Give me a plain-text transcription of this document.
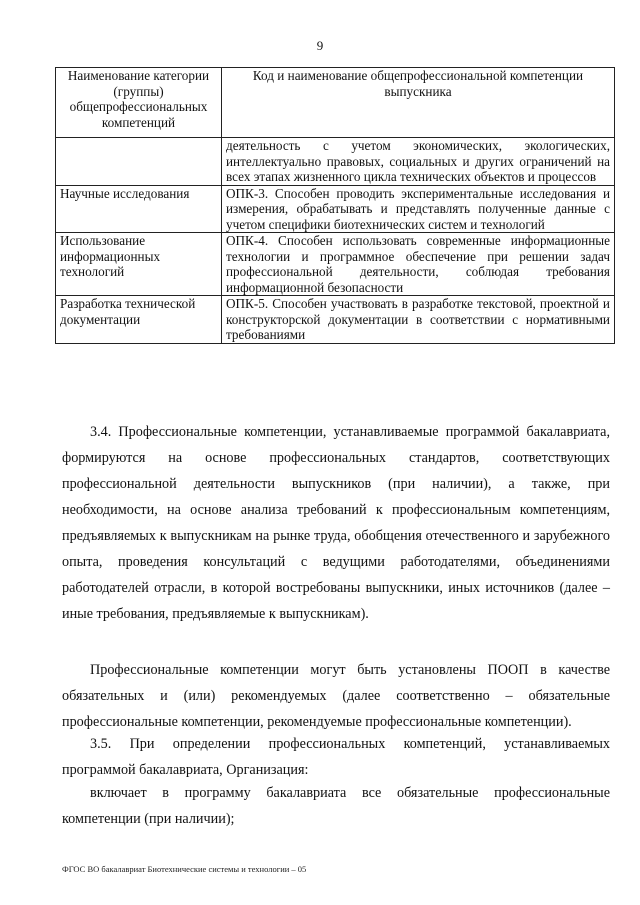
9
Наименование категории (группы) общепрофессиональных компетенций	Код и наименование общепрофессиональной компетенции выпускника
	деятельность с учетом экономических, экологических, интеллектуально правовых, социальных и других ограничений на всех этапах жизненного цикла технических объектов и процессов
Научные исследования	ОПК-3. Способен проводить экспериментальные исследования и измерения, обрабатывать и представлять полученные данные с учетом специфики биотехнических систем и технологий
Использование информационных технологий	ОПК-4. Способен использовать современные информационные технологии и программное обеспечение при решении задач профессиональной деятельности, соблюдая требования информационной безопасности
Разработка технической документации	ОПК-5. Способен участвовать в разработке текстовой, проектной и конструкторской документации в соответствии с нормативными требованиями
3.4. Профессиональные компетенции, устанавливаемые программой бакалавриата, формируются на основе профессиональных стандартов, соответствующих профессиональной деятельности выпускников (при наличии), а также, при необходимости, на основе анализа требований к профессиональным компетенциям, предъявляемых к выпускникам на рынке труда, обобщения отечественного и зарубежного опыта, проведения консультаций с ведущими работодателями, объединениями работодателей отрасли, в которой востребованы выпускники, иных источников (далее – иные требования, предъявляемые к выпускникам).
Профессиональные компетенции могут быть установлены ПООП в качестве обязательных и (или) рекомендуемых (далее соответственно – обязательные профессиональные компетенции, рекомендуемые профессиональные компетенции).
3.5. При определении профессиональных компетенций, устанавливаемых программой бакалавриата, Организация:
включает в программу бакалавриата все обязательные профессиональные компетенции (при наличии);
ФГОС ВО бакалавриат Биотехнические системы и технологии – 05
